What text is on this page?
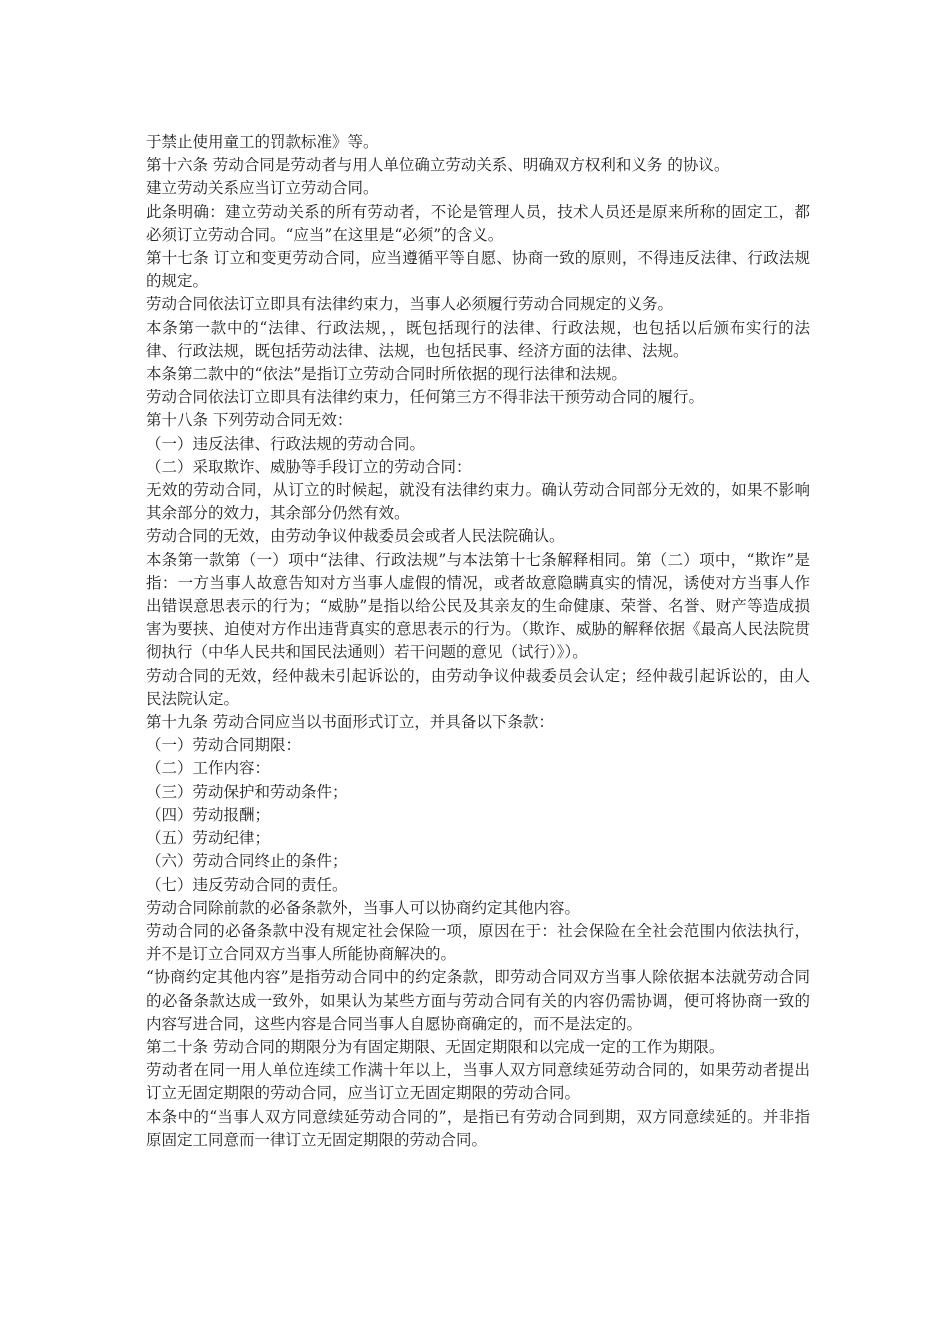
于禁止使用童工的罚款标准》等。

第十六条 劳动合同是劳动者与用人单位确立劳动关系、明确双方权利和义务 的协议。

建立劳动关系应当订立劳动合同。

此条明确：建立劳动关系的所有劳动者，不论是管理人员，技术人员还是原来所称的固定工，都必须订立劳动合同。“应当”在这里是“必须”的含义。

第十七条 订立和变更劳动合同，应当遵循平等自愿、协商一致的原则，不得违反法律、行政法规的规定。

劳动合同依法订立即具有法律约束力，当事人必须履行劳动合同规定的义务。

本条第一款中的“法律、行政法规，，既包括现行的法律、行政法规，也包括以后颁布实行的法律、行政法规，既包括劳动法律、法规，也包括民事、经济方面的法律、法规。

本条第二款中的“依法”是指订立劳动合同时所依据的现行法律和法规。

劳动合同依法订立即具有法律约束力，任何第三方不得非法干预劳动合同的履行。

第十八条 下列劳动合同无效：

（一）违反法律、行政法规的劳动合同。

（二）采取欺诈、威胁等手段订立的劳动合同：

无效的劳动合同，从订立的时候起，就没有法律约束力。确认劳动合同部分无效的，如果不影响其余部分的效力，其余部分仍然有效。

劳动合同的无效，由劳动争议仲裁委员会或者人民法院确认。

本条第一款第（一）项中“法律、行政法规”与本法第十七条解释相同。第（二）项中，“欺诈”是指：一方当事人故意告知对方当事人虚假的情况，或者故意隐瞒真实的情况，诱使对方当事人作出错误意思表示的行为；“威胁”是指以给公民及其亲友的生命健康、荣誉、名誉、财产等造成损害为要挟、迫使对方作出违背真实的意思表示的行为。（欺诈、威胁的解释依据《最高人民法院贯彻执行（中华人民共和国民法通则）若干问题的意见（试行）》）。

劳动合同的无效，经仲裁未引起诉讼的，由劳动争议仲裁委员会认定；经仲裁引起诉讼的，由人民法院认定。

第十九条 劳动合同应当以书面形式订立，并具备以下条款：

（一）劳动合同期限：

（二）工作内容：

（三）劳动保护和劳动条件；

（四）劳动报酬；

（五）劳动纪律；

（六）劳动合同终止的条件；

（七）违反劳动合同的责任。

劳动合同除前款的必备条款外，当事人可以协商约定其他内容。

劳动合同的必备条款中没有规定社会保险一项，原因在于：社会保险在全社会范围内依法执行，并不是订立合同双方当事人所能协商解决的。

“协商约定其他内容”是指劳动合同中的约定条款，即劳动合同双方当事人除依据本法就劳动合同的必备条款达成一致外，如果认为某些方面与劳动合同有关的内容仍需协调，便可将协商一致的内容写进合同，这些内容是合同当事人自愿协商确定的，而不是法定的。

第二十条 劳动合同的期限分为有固定期限、无固定期限和以完成一定的工作为期限。

劳动者在同一用人单位连续工作满十年以上，当事人双方同意续延劳动合同的，如果劳动者提出订立无固定期限的劳动合同，应当订立无固定期限的劳动合同。

本条中的“当事人双方同意续延劳动合同的”，是指已有劳动合同到期，双方同意续延的。并非指原固定工同意而一律订立无固定期限的劳动合同。
